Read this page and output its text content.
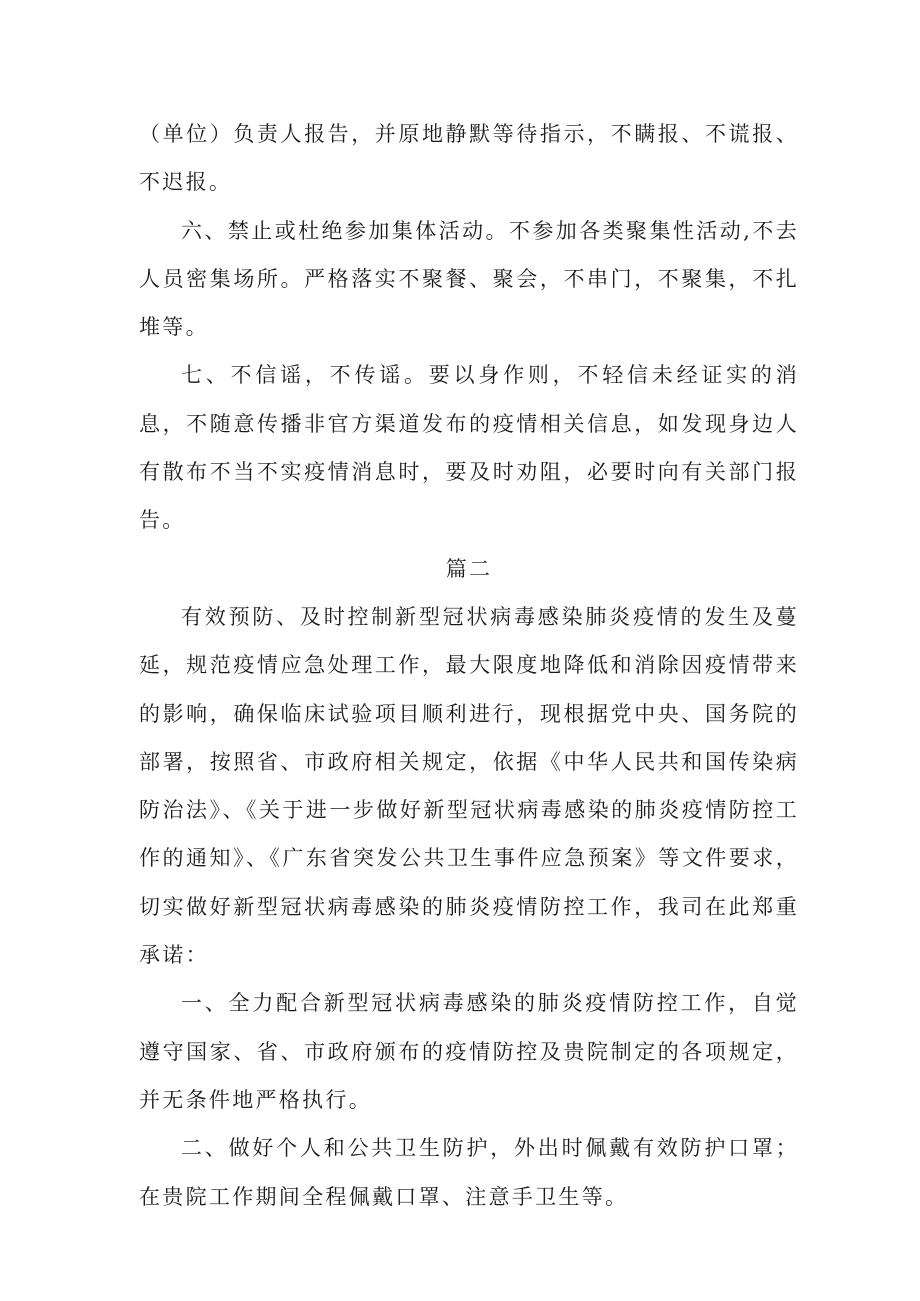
（单位）负责人报告，并原地静默等待指示，不瞒报、不谎报、不迟报。

六、禁止或杜绝参加集体活动。不参加各类聚集性活动,不去人员密集场所。严格落实不聚餐、聚会，不串门，不聚集，不扎堆等。

七、不信谣，不传谣。要以身作则，不轻信未经证实的消息，不随意传播非官方渠道发布的疫情相关信息，如发现身边人有散布不当不实疫情消息时，要及时劝阻，必要时向有关部门报告。

篇二

有效预防、及时控制新型冠状病毒感染肺炎疫情的发生及蔓延，规范疫情应急处理工作，最大限度地降低和消除因疫情带来的影响，确保临床试验项目顺利进行，现根据党中央、国务院的部署，按照省、市政府相关规定，依据《中华人民共和国传染病防治法》、《关于进一步做好新型冠状病毒感染的肺炎疫情防控工作的通知》、《广东省突发公共卫生事件应急预案》等文件要求，切实做好新型冠状病毒感染的肺炎疫情防控工作，我司在此郑重承诺：

一、全力配合新型冠状病毒感染的肺炎疫情防控工作，自觉遵守国家、省、市政府颁布的疫情防控及贵院制定的各项规定，并无条件地严格执行。

二、做好个人和公共卫生防护，外出时佩戴有效防护口罩；在贵院工作期间全程佩戴口罩、注意手卫生等。
